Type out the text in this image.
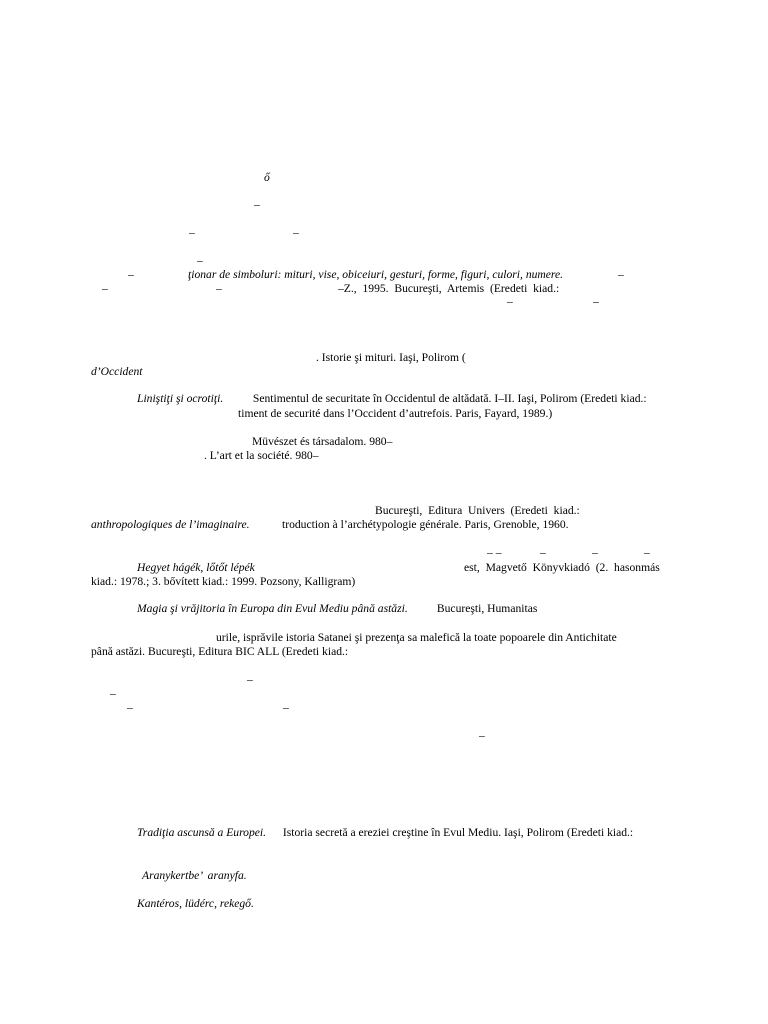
ő
–
–	–
–
–	ţionar de simboluri: mituri, vise, obiceiuri, gesturi, forme, figuri, culori, numere.	–
–	–	–Z.,  1995.  Bucureşti,  Artemis  (Eredeti  kiad.:
–	–
. Istorie şi mituri. Iaşi, Polirom (
d’Occident
Liniştiţi şi ocrotiţi. Sentimentul de securitate în Occidentul de altădată. I–II. Iaşi, Polirom (Eredeti kiad.:
timent de securité dans l’Occident d’autrefois. Paris, Fayard, 1989.)
Müvészet és társadalom. 980–
. L’art et la société. 980–
Bucureşti,  Editura  Univers  (Eredeti  kiad.:
anthropologiques de l’imaginaire.	troduction à l’archétypologie générale. Paris, Grenoble, 1960.
– –	–	–	–
Hegyet hágék, lőtőt lépék	est,  Magvető  Könyvkiadó  (2.  hasonmás
kiad.: 1978.; 3. bővített kiad.: 1999. Pozsony, Kalligram)
Magia şi vrăjitoria în Europa din Evul Mediu până astăzi. Bucureşti, Humanitas
urile, isprăvile istoria Satanei şi prezenţa sa malefică la toate popoarele din Antichitate
până astăzi. Bucureşti, Editura BIC ALL (Eredeti kiad.:
–
–
–	–
–
Tradiţia ascunsă a Europei. Istoria secretă a ereziei creştine în Evul Mediu. Iaşi, Polirom (Eredeti kiad.:
Aranykertbe’  aranyfa.
Kantéros, lüdérc, rekegő.
